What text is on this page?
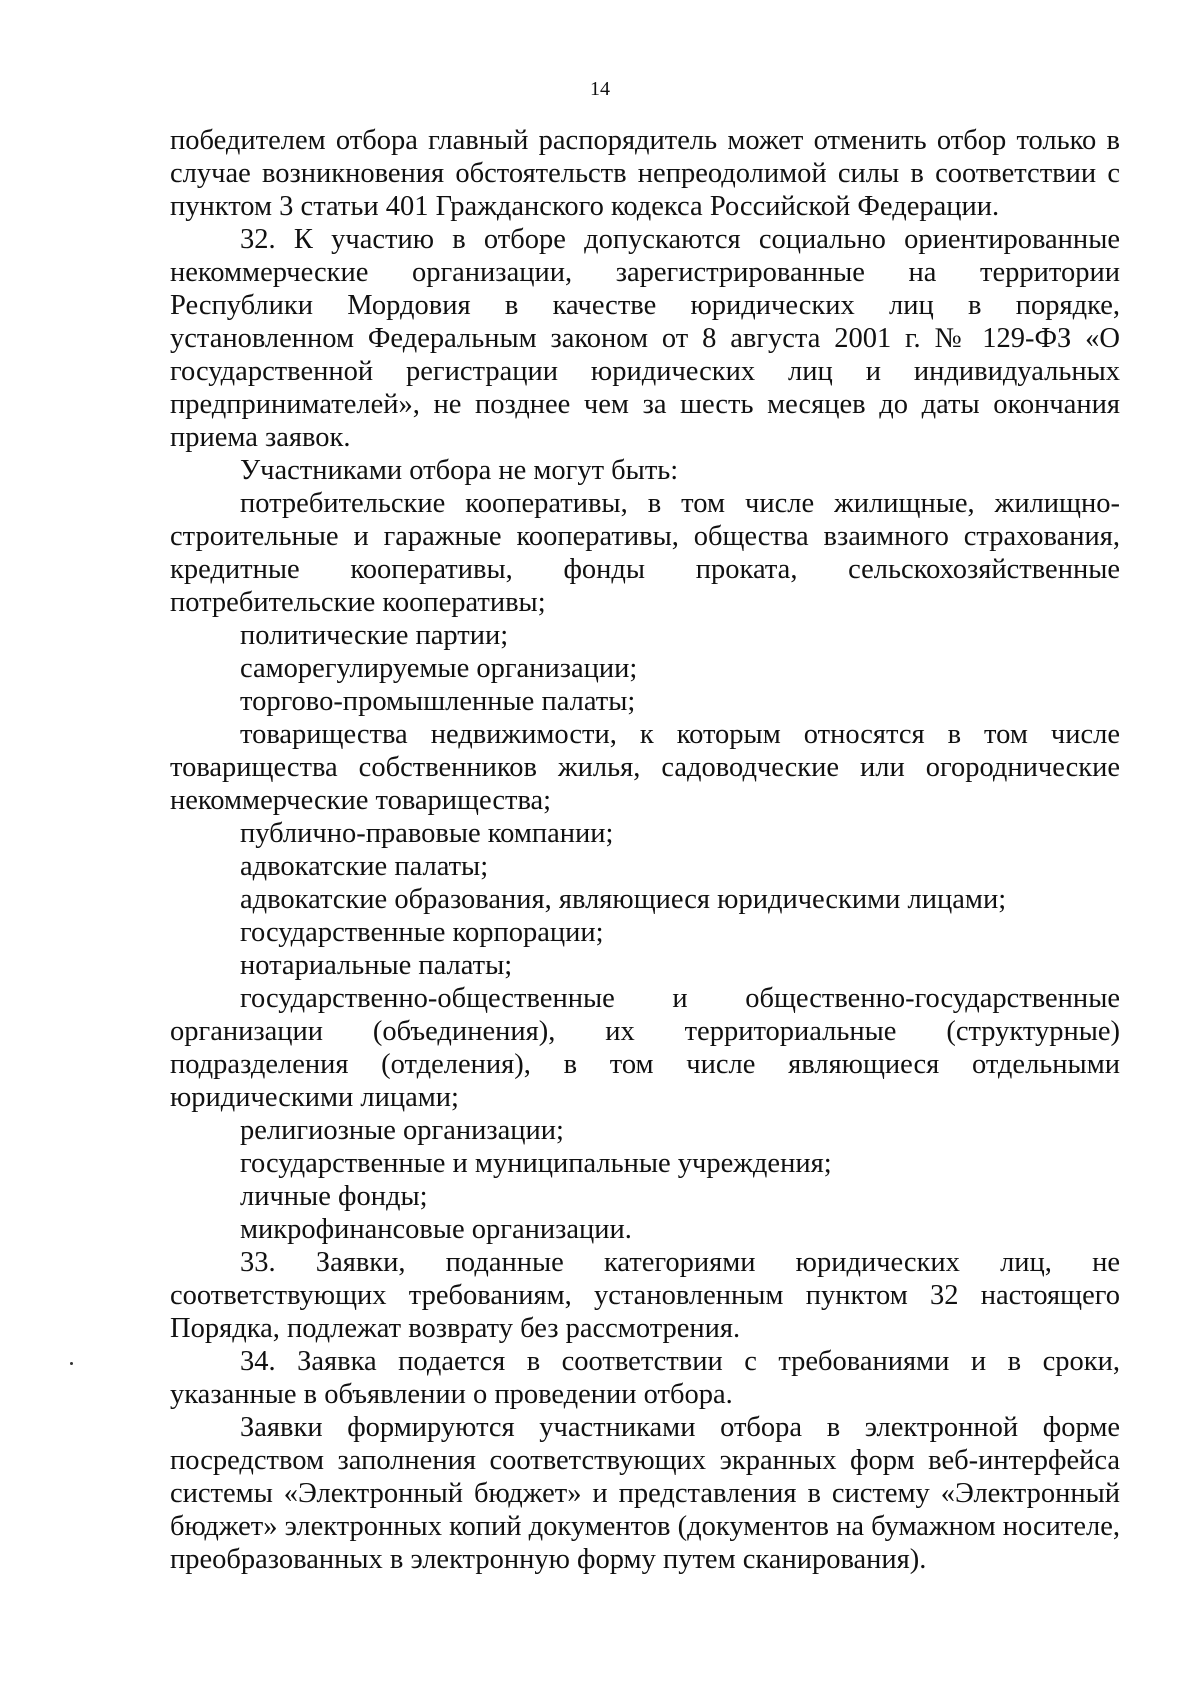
14

победителем отбора главный распорядитель может отменить отбор только в случае возникновения обстоятельств непреодолимой силы в соответствии с пунктом 3 статьи 401 Гражданского кодекса Российской Федерации.

32. К участию в отборе допускаются социально ориентированные некоммерческие организации, зарегистрированные на территории Республики Мордовия в качестве юридических лиц в порядке, установленном Федеральным законом от 8 августа 2001 г. № 129-ФЗ «О государственной регистрации юридических лиц и индивидуальных предпринимателей», не позднее чем за шесть месяцев до даты окончания приема заявок.

Участниками отбора не могут быть:

потребительские кооперативы, в том числе жилищные, жилищно-строительные и гаражные кооперативы, общества взаимного страхования, кредитные кооперативы, фонды проката, сельскохозяйственные потребительские кооперативы;

политические партии;

саморегулируемые организации;

торгово-промышленные палаты;

товарищества недвижимости, к которым относятся в том числе товарищества собственников жилья, садоводческие или огороднические некоммерческие товарищества;

публично-правовые компании;

адвокатские палаты;

адвокатские образования, являющиеся юридическими лицами;

государственные корпорации;

нотариальные палаты;

государственно-общественные и общественно-государственные организации (объединения), их территориальные (структурные) подразделения (отделения), в том числе являющиеся отдельными юридическими лицами;

религиозные организации;

государственные и муниципальные учреждения;

личные фонды;

микрофинансовые организации.

33. Заявки, поданные категориями юридических лиц, не соответствующих требованиям, установленным пунктом 32 настоящего Порядка, подлежат возврату без рассмотрения.

34. Заявка подается в соответствии с требованиями и в сроки, указанные в объявлении о проведении отбора.

Заявки формируются участниками отбора в электронной форме посредством заполнения соответствующих экранных форм веб-интерфейса системы «Электронный бюджет» и представления в систему «Электронный бюджет» электронных копий документов (документов на бумажном носителе, преобразованных в электронную форму путем сканирования).
